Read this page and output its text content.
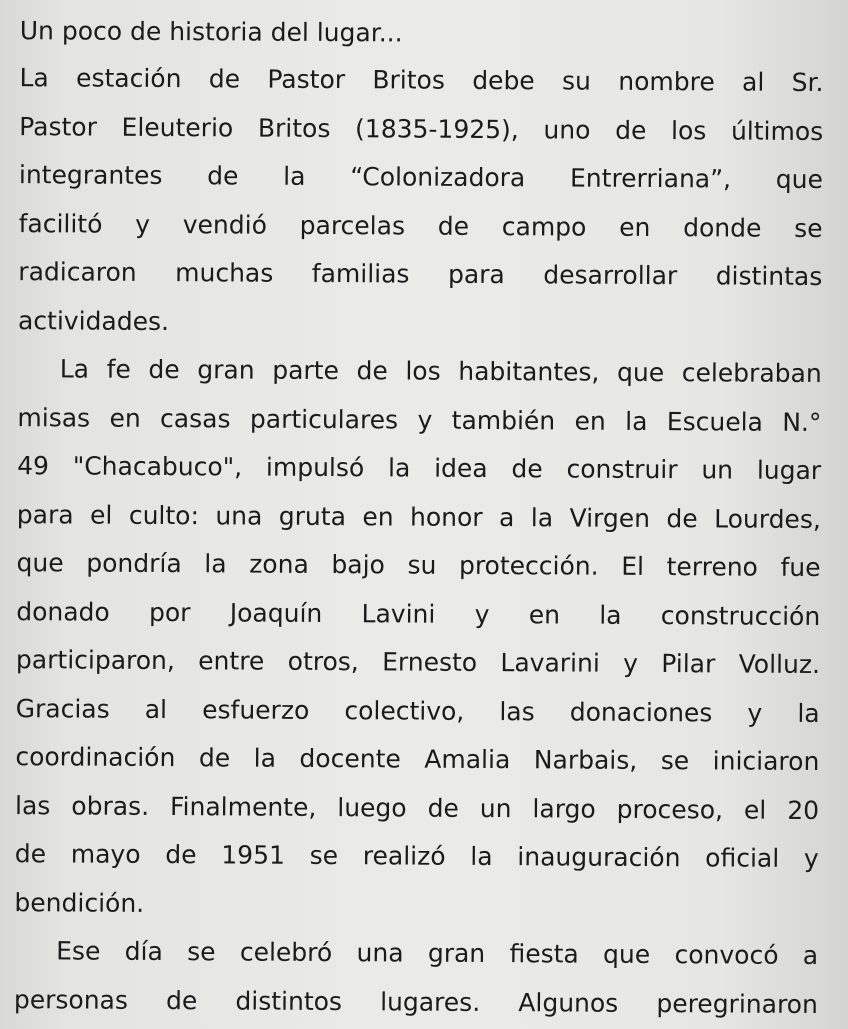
Un poco de historia del lugar...

La estación de Pastor Britos debe su nombre al Sr.
Pastor Eleuterio Britos (1835-1925), uno de los últimos
integrantes de la “Colonizadora Entrerriana”, que
facilitó y vendió parcelas de campo en donde se
radicaron muchas familias para desarrollar distintas
actividades.

La fe de gran parte de los habitantes, que celebraban
misas en casas particulares y también en la Escuela N.°
49 "Chacabuco", impulsó la idea de construir un lugar
para el culto: una gruta en honor a la Virgen de Lourdes,
que pondría la zona bajo su protección. El terreno fue
donado por Joaquín Lavini y en la construcción
participaron, entre otros, Ernesto Lavarini y Pilar Volluz.
Gracias al esfuerzo colectivo, las donaciones y la
coordinación de la docente Amalia Narbais, se iniciaron
las obras. Finalmente, luego de un largo proceso, el 20
de mayo de 1951 se realizó la inauguración oficial y
bendición.

Ese día se celebró una gran fiesta que convocó a
personas de distintos lugares. Algunos peregrinaron
